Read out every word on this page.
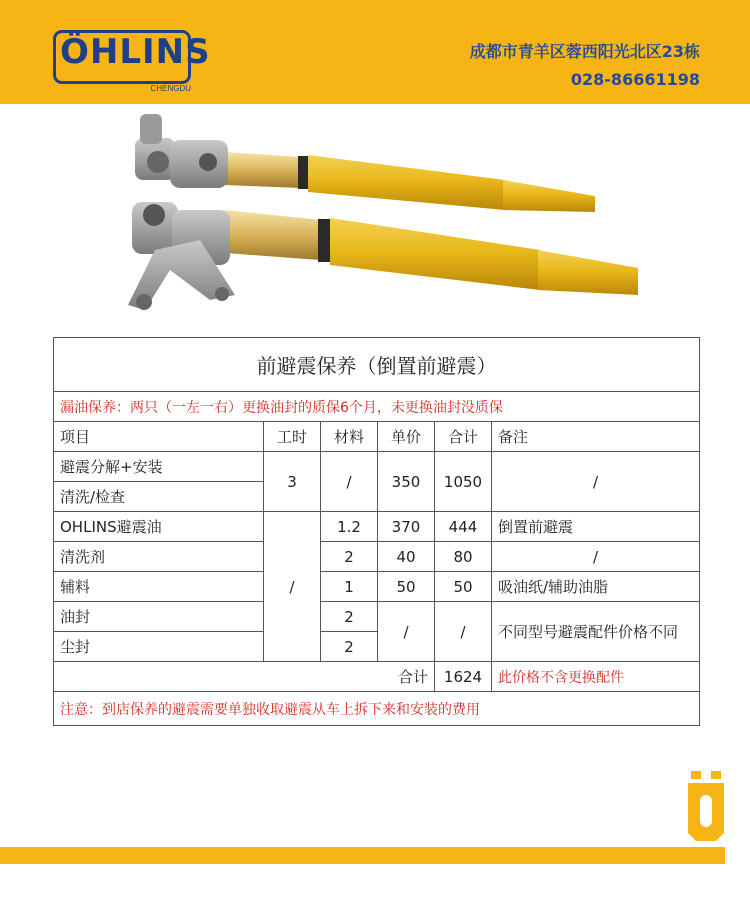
ÖHLINS
CHENGDU
成都市青羊区蓉西阳光北区23栋
028-86661198
前避震保养（倒置前避震）					
漏油保养：两只（一左一右）更换油封的质保6个月，未更换油封没质保					
项目	工时	材料	单价	合计	备注
避震分解+安装	3	/	350	1050	/
清洗/检查					
OHLINS避震油	/	1.2	370	444	倒置前避震
清洗剂		2	40	80	/
辅料		1	50	50	吸油纸/辅助油脂
油封		2	/	/	不同型号避震配件价格不同
尘封		2			
合计				1624	此价格不含更换配件
注意：到店保养的避震需要单独收取避震从车上拆下来和安装的费用					
